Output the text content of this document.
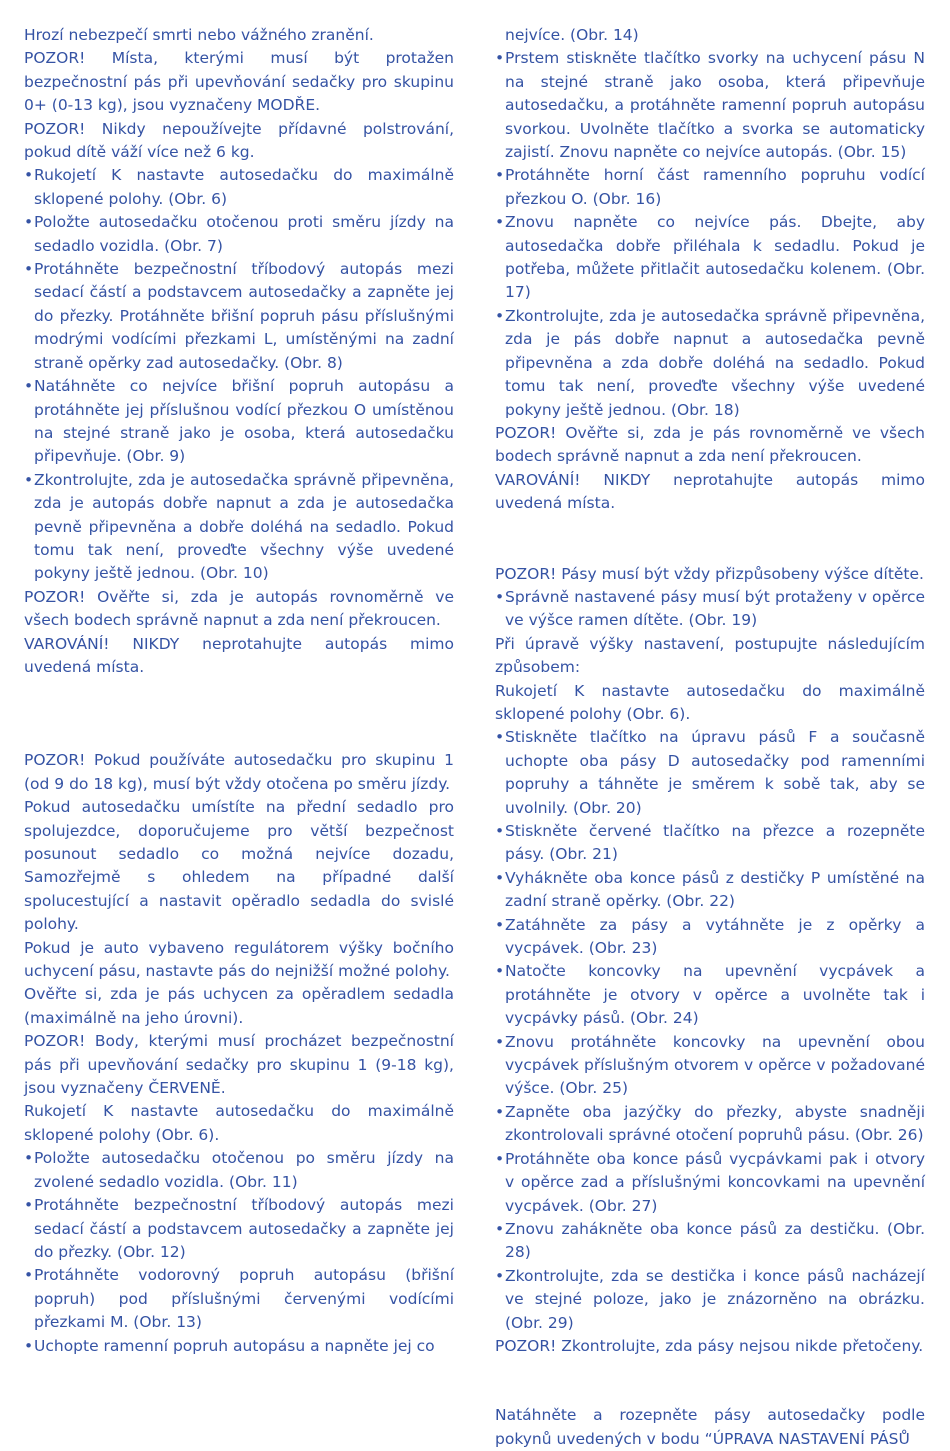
Hrozí nebezpečí smrti nebo vážného zranění.

POZOR! Místa, kterými musí být protažen bezpečnostní pás při upevňování sedačky pro skupinu 0+ (0-13 kg), jsou vyznačeny MODŘE.

POZOR! Nikdy nepoužívejte přídavné polstrování, pokud dítě váží více než 6 kg.

• Rukojetí K nastavte autosedačku do maximálně sklopené polohy. (Obr. 6)
• Položte autosedačku otočenou proti směru jízdy na sedadlo vozidla. (Obr. 7)
• Protáhněte bezpečnostní tříbodový autopás mezi sedací částí a podstavcem autosedačky a zapněte jej do přezky. Protáhněte břišní popruh pásu příslušnými modrými vodícími přezkami L, umístěnými na zadní straně opěrky zad autosedačky. (Obr. 8)
• Natáhněte co nejvíce břišní popruh autopásu a protáhněte jej příslušnou vodící přezkou O umístěnou na stejné straně jako je osoba, která autosedačku připevňuje. (Obr. 9)
• Zkontrolujte, zda je autosedačka správně připevněna, zda je autopás dobře napnut a zda je autosedačka pevně připevněna a dobře doléhá na sedadlo. Pokud tomu tak není, proveďte všechny výše uvedené pokyny ještě jednou. (Obr. 10)

POZOR! Ověřte si, zda je autopás rovnoměrně ve všech bodech správně napnut a zda není překroucen.

VAROVÁNÍ! NIKDY neprotahujte autopás mimo uvedená místa.

POZOR! Pokud používáte autosedačku pro skupinu 1 (od 9 do 18 kg), musí být vždy otočena po směru jízdy.

Pokud autosedačku umístíte na přední sedadlo pro spolujezdce, doporučujeme pro větší bezpečnost posunout sedadlo co možná nejvíce dozadu, Samozřejmě s ohledem na případné další spolucestující a nastavit opěradlo sedadla do svislé polohy.

Pokud je auto vybaveno regulátorem výšky bočního uchycení pásu, nastavte pás do nejnižší možné polohy.

Ověřte si, zda je pás uchycen za opěradlem sedadla (maximálně na jeho úrovni).

POZOR! Body, kterými musí procházet bezpečnostní pás při upevňování sedačky pro skupinu 1 (9-18 kg), jsou vyznačeny ČERVENĚ.

Rukojetí K nastavte autosedačku do maximálně sklopené polohy (Obr. 6).

• Položte autosedačku otočenou po směru jízdy na zvolené sedadlo vozidla. (Obr. 11)
• Protáhněte bezpečnostní tříbodový autopás mezi sedací částí a podstavcem autosedačky a zapněte jej do přezky. (Obr. 12)
• Protáhněte vodorovný popruh autopásu (břišní popruh) pod příslušnými červenými vodícími přezkami M. (Obr. 13)
• Uchopte ramenní popruh autopásu a napněte jej co
nejvíce. (Obr. 14)
• Prstem stiskněte tlačítko svorky na uchycení pásu N na stejné straně jako osoba, která připevňuje autosedačku, a protáhněte ramenní popruh autopásu svorkou. Uvolněte tlačítko a svorka se automaticky zajistí. Znovu napněte co nejvíce autopás. (Obr. 15)
• Protáhněte horní část ramenního popruhu vodící přezkou O. (Obr. 16)
• Znovu napněte co nejvíce pás. Dbejte, aby autosedačka dobře přiléhala k sedadlu. Pokud je potřeba, můžete přitlačit autosedačku kolenem. (Obr. 17)
• Zkontrolujte, zda je autosedačka správně připevněna, zda je pás dobře napnut a autosedačka pevně připevněna a zda dobře doléhá na sedadlo. Pokud tomu tak není, proveďte všechny výše uvedené pokyny ještě jednou. (Obr. 18)

POZOR! Ověřte si, zda je pás rovnoměrně ve všech bodech správně napnut a zda není překroucen.

VAROVÁNÍ! NIKDY neprotahujte autopás mimo uvedená místa.

POZOR! Pásy musí být vždy přizpůsobeny výšce dítěte.

• Správně nastavené pásy musí být protaženy v opěrce ve výšce ramen dítěte. (Obr. 19)

Při úpravě výšky nastavení, postupujte následujícím způsobem:

Rukojetí K nastavte autosedačku do maximálně sklopené polohy (Obr. 6).

• Stiskněte tlačítko na úpravu pásů F a současně uchopte oba pásy D autosedačky pod ramenními popruhy a táhněte je směrem k sobě tak, aby se uvolnily. (Obr. 20)
• Stiskněte červené tlačítko na přezce a rozepněte pásy. (Obr. 21)
• Vyhákněte oba konce pásů z destičky P umístěné na zadní straně opěrky. (Obr. 22)
• Zatáhněte za pásy a vytáhněte je z opěrky a vycpávek. (Obr. 23)
• Natočte koncovky na upevnění vycpávek a protáhněte je otvory v opěrce a uvolněte tak i vycpávky pásů. (Obr. 24)
• Znovu protáhněte koncovky na upevnění obou vycpávek příslušným otvorem v opěrce v požadované výšce. (Obr. 25)
• Zapněte oba jazýčky do přezky, abyste snadněji zkontrolovali správné otočení popruhů pásu. (Obr. 26)
• Protáhněte oba konce pásů vycpávkami pak i otvory v opěrce zad a příslušnými koncovkami na upevnění vycpávek. (Obr. 27)
• Znovu zahákněte oba konce pásů za destičku. (Obr. 28)
• Zkontrolujte, zda se destička i konce pásů nacházejí ve stejné poloze, jako je znázorněno na obrázku. (Obr. 29)

POZOR! Zkontrolujte, zda pásy nejsou nikde přetočeny.

Natáhněte a rozepněte pásy autosedačky podle pokynů uvedených v bodu “ÚPRAVA NASTAVENÍ PÁSŮ
